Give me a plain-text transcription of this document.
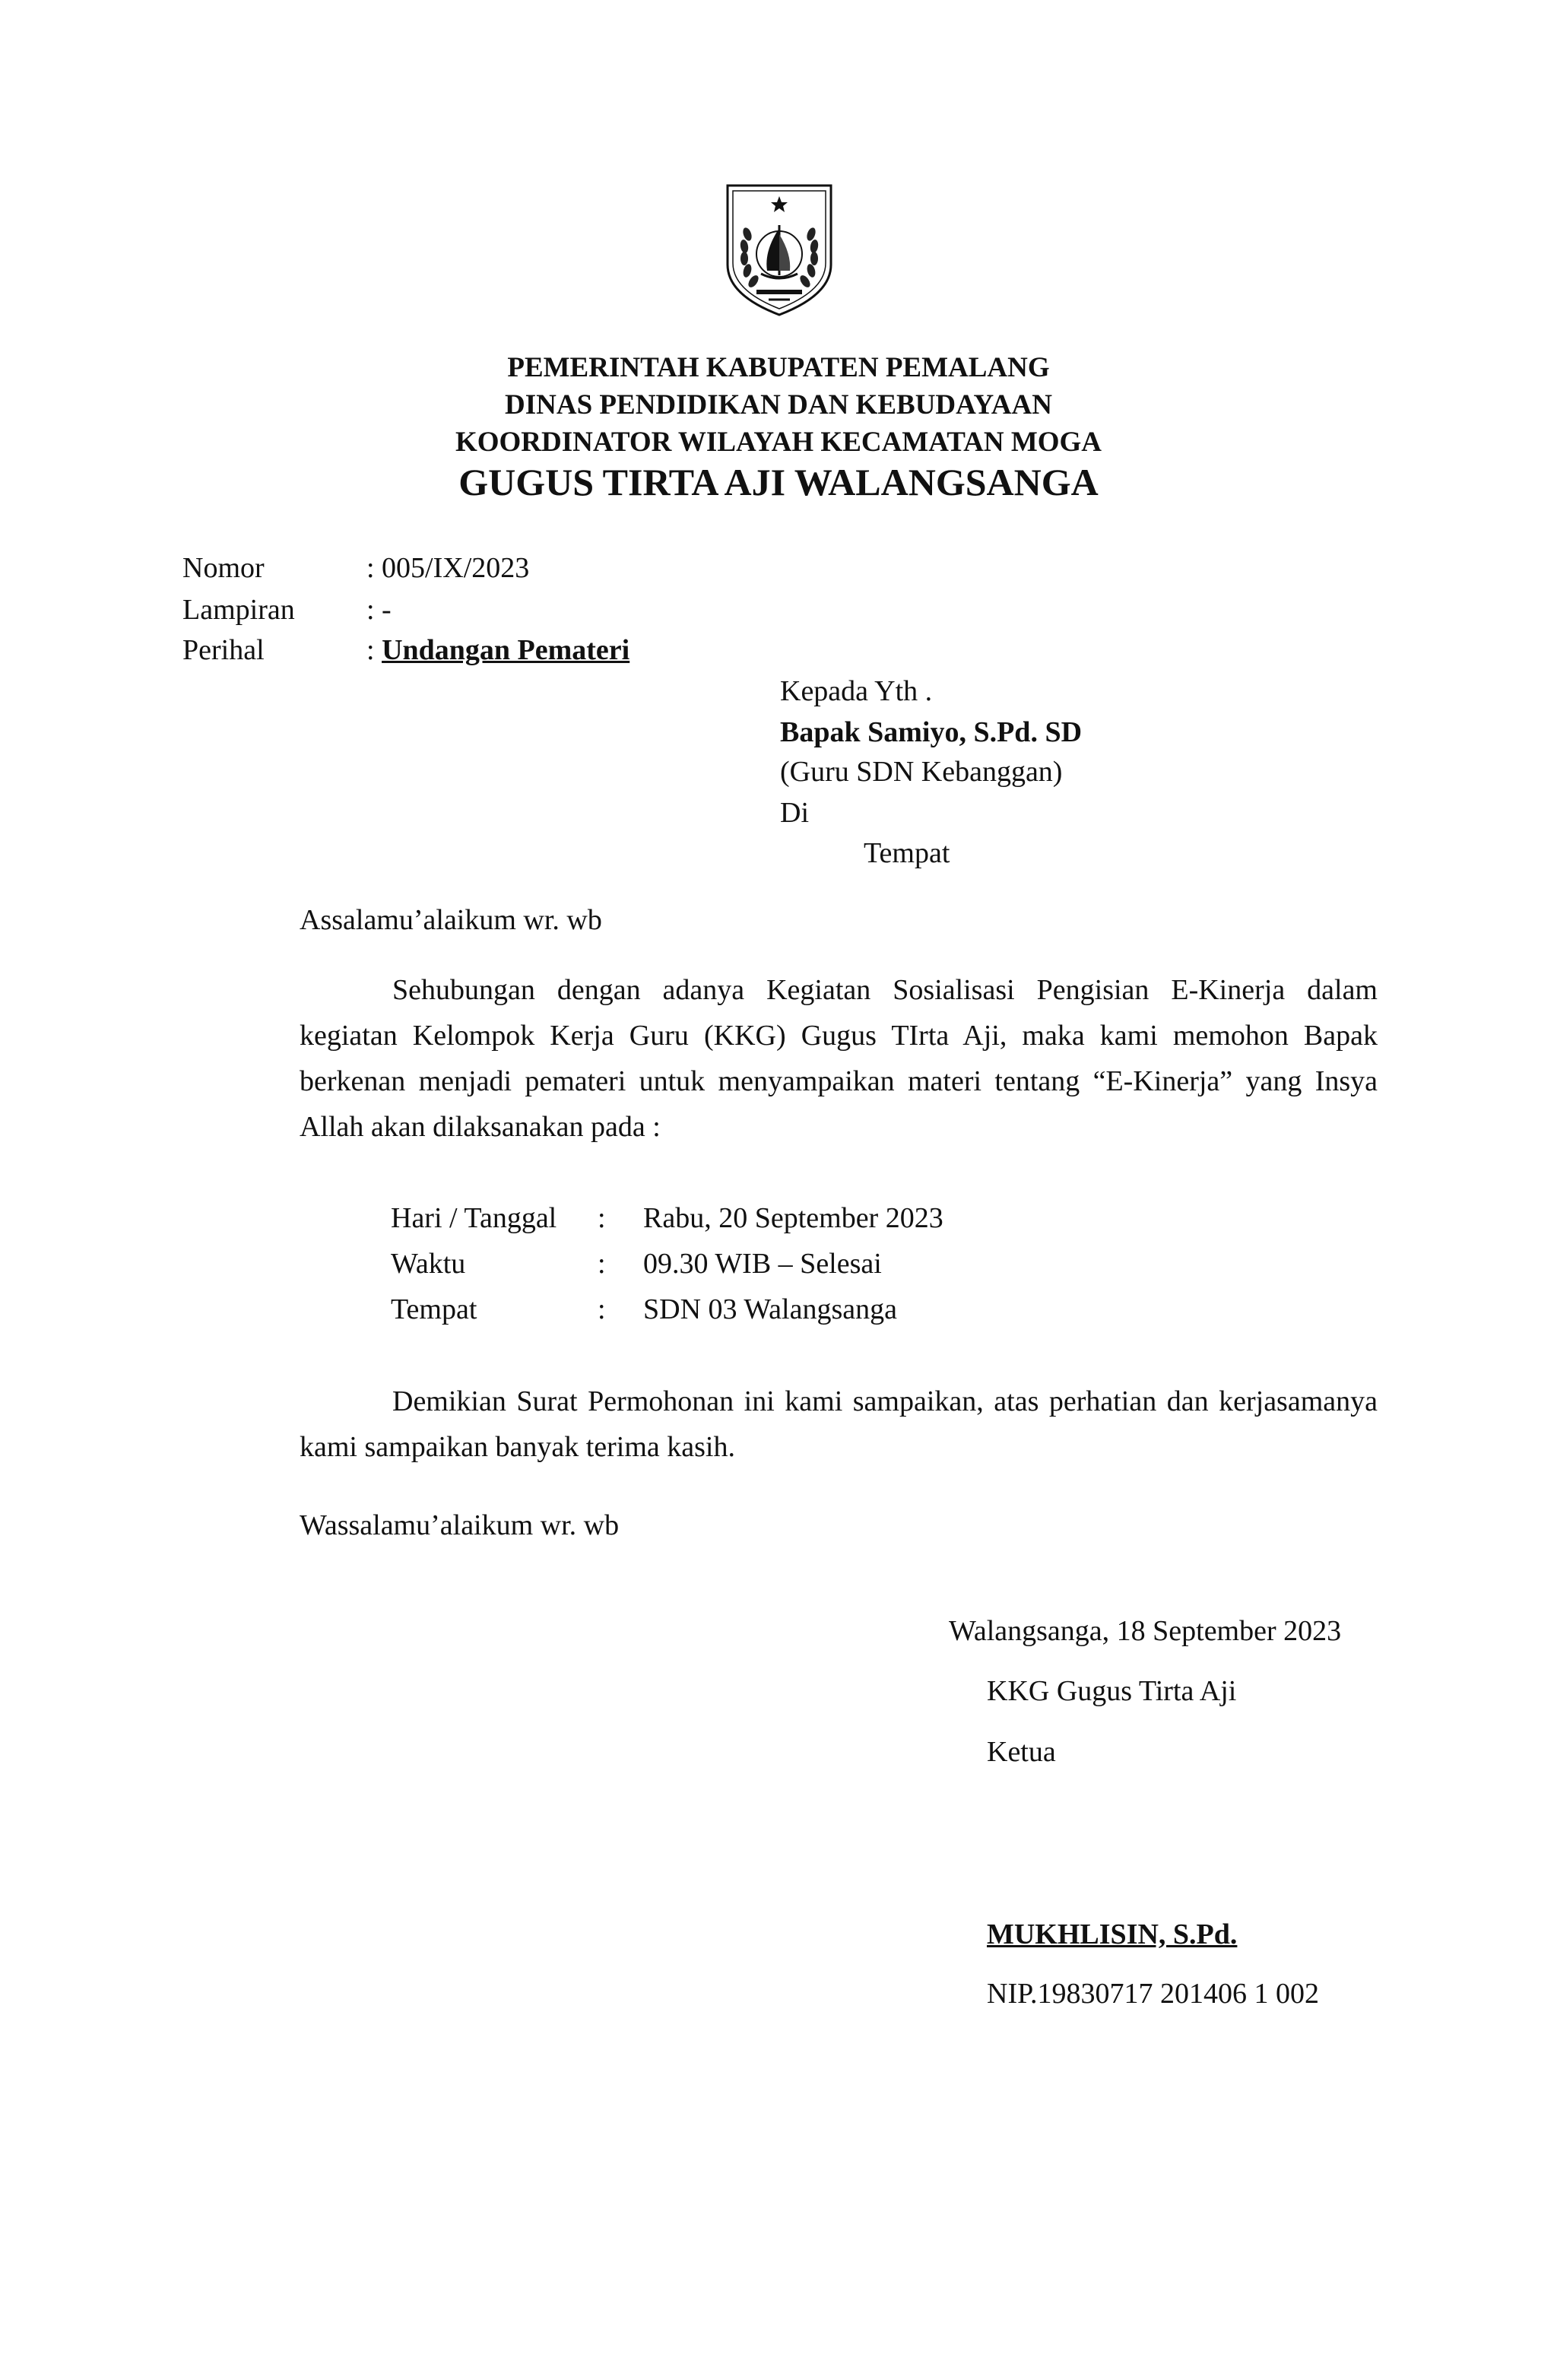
PEMERINTAH KABUPATEN PEMALANG
DINAS PENDIDIKAN DAN KEBUDAYAAN
KOORDINATOR WILAYAH KECAMATAN MOGA
GUGUS TIRTA AJI WALANGSANGA
Nomor	: 005/IX/2023
Lampiran : -
Perihal	: Undangan Pemateri
Kepada Yth .
Bapak Samiyo, S.Pd. SD
(Guru SDN Kebanggan)
Di
Tempat
Assalamu’alaikum wr. wb

Sehubungan dengan adanya Kegiatan Sosialisasi Pengisian E-Kinerja dalam kegiatan Kelompok Kerja Guru (KKG) Gugus TIrta Aji, maka kami memohon Bapak berkenan menjadi pemateri untuk menyampaikan materi tentang “E-Kinerja” yang Insya Allah akan dilaksanakan pada :

Hari / Tanggal : Rabu, 20 September 2023
Waktu	: 09.30 WIB – Selesai
Tempat	: SDN 03 Walangsanga

Demikian Surat Permohonan ini kami sampaikan, atas perhatian dan kerjasamanya kami sampaikan banyak terima kasih.

Wassalamu’alaikum wr. wb
Walangsanga, 18 September 2023
KKG Gugus Tirta Aji
Ketua
MUKHLISIN, S.Pd.
NIP.19830717 201406 1 002
